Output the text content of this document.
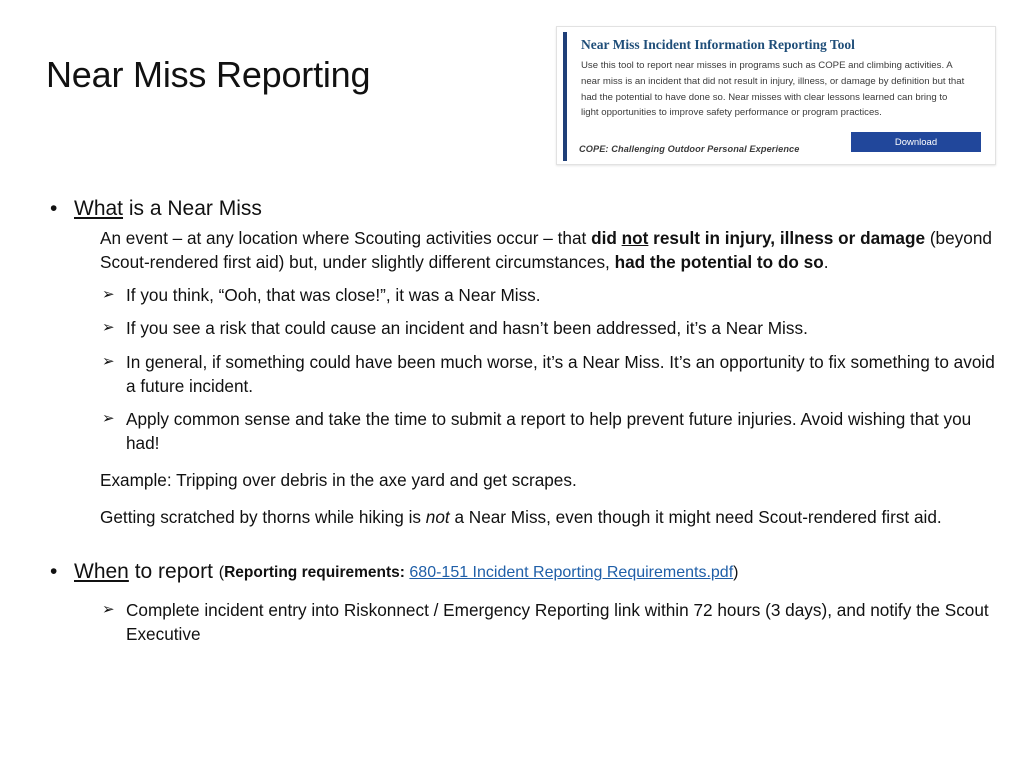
Near Miss Reporting
Near Miss Incident Information Reporting Tool
Use this tool to report near misses in programs such as COPE and climbing activities. A near miss is an incident that did not result in injury, illness, or damage by definition but that had the potential to have done so. Near misses with clear lessons learned can bring to light opportunities to improve safety performance or program practices.
COPE: Challenging Outdoor Personal Experience
Download
• What is a Near Miss
An event – at any location where Scouting activities occur – that did not result in injury, illness or damage (beyond Scout-rendered first aid) but, under slightly different circumstances, had the potential to do so.
➢ If you think, “Ooh, that was close!”, it was a Near Miss.
➢ If you see a risk that could cause an incident and hasn’t been addressed, it’s a Near Miss.
➢ In general, if something could have been much worse, it’s a Near Miss. It’s an opportunity to fix something to avoid a future incident.
➢ Apply common sense and take the time to submit a report to help prevent future injuries. Avoid wishing that you had!
Example: Tripping over debris in the axe yard and get scrapes.
Getting scratched by thorns while hiking is not a Near Miss, even though it might need Scout-rendered first aid.
• When to report (Reporting requirements: 680-151 Incident Reporting Requirements.pdf)
➢ Complete incident entry into Riskonnect / Emergency Reporting link within 72 hours (3 days), and notify the Scout Executive
